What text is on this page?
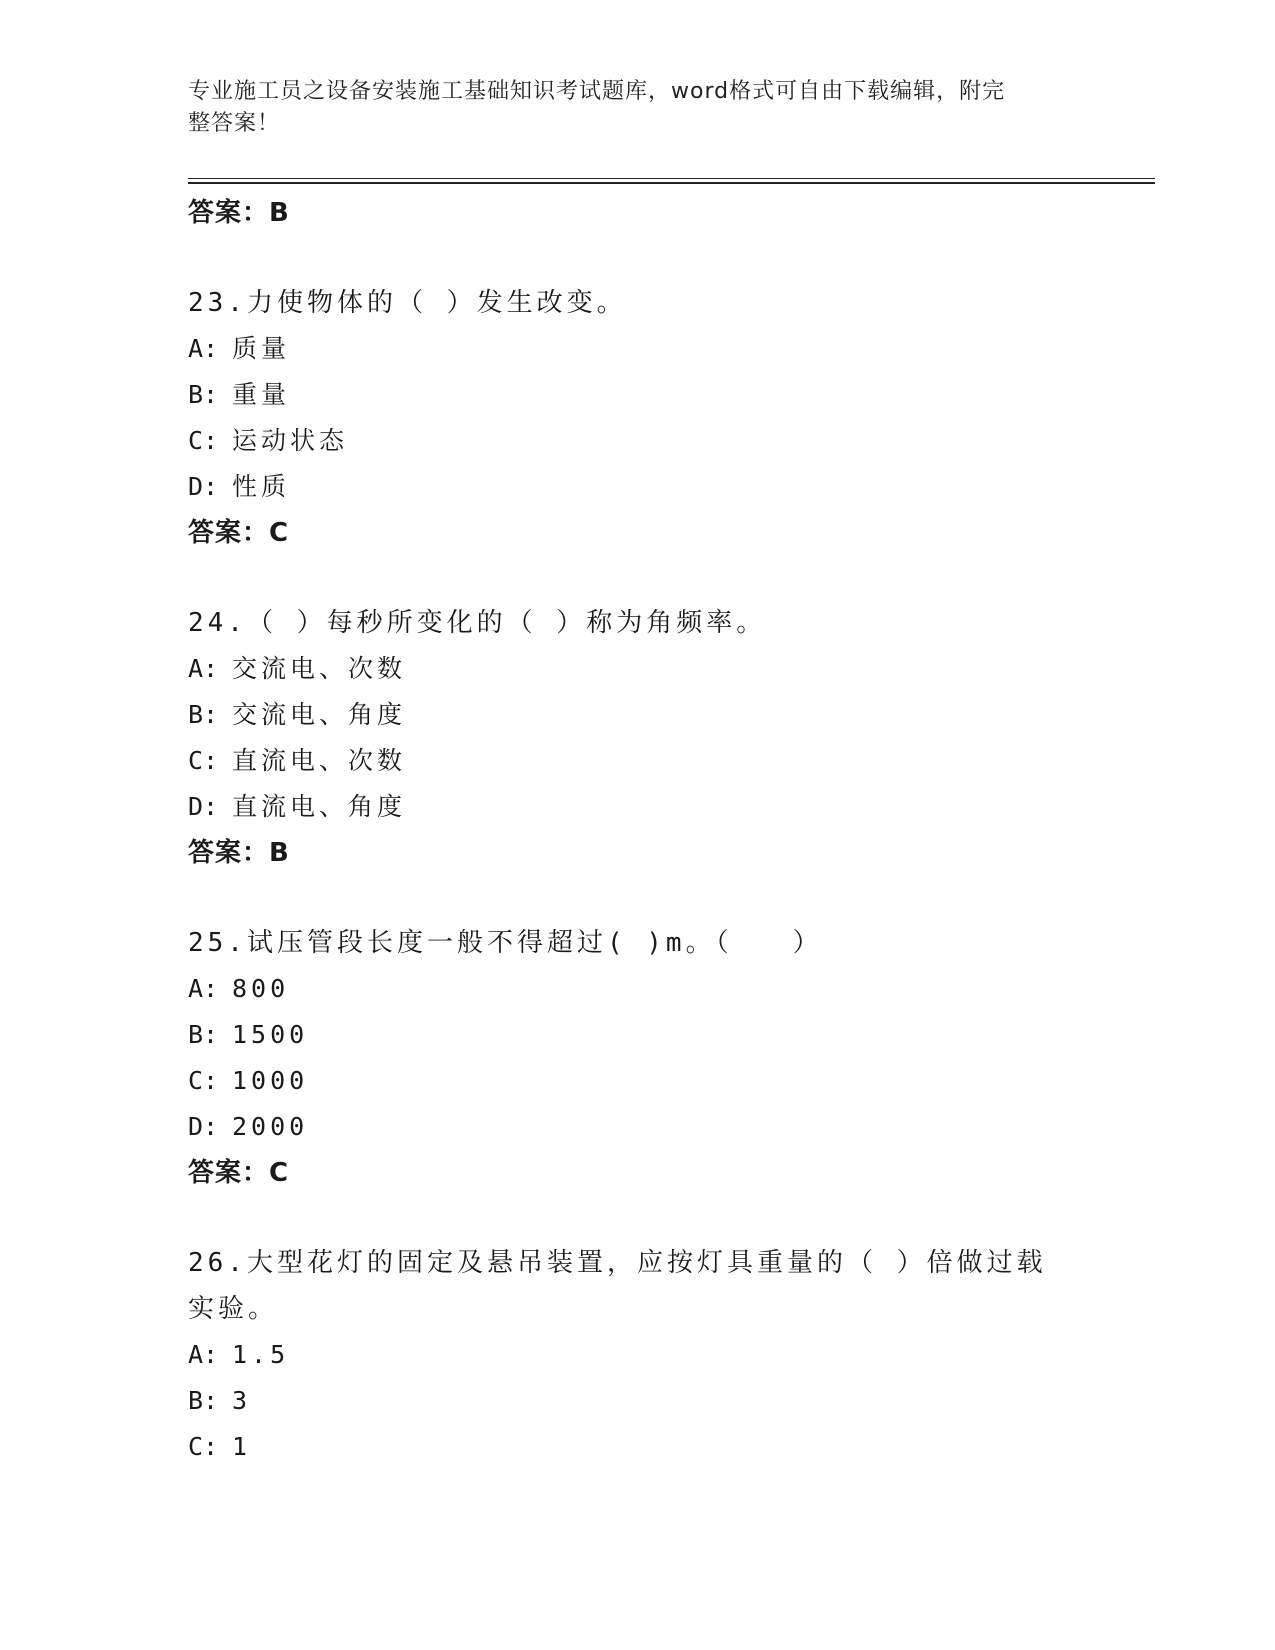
专业施工员之设备安装施工基础知识考试题库，word格式可自由下载编辑，附完
整答案！
答案：B
23.力使物体的（ ）发生改变。
A: 质量
B: 重量
C: 运动状态
D: 性质
答案：C
24.（ ）每秒所变化的（ ）称为角频率。
A: 交流电、次数
B: 交流电、角度
C: 直流电、次数
D: 直流电、角度
答案：B
25.试压管段长度一般不得超过( )m。（　　）
A: 800
B: 1500
C: 1000
D: 2000
答案：C
26.大型花灯的固定及悬吊装置，应按灯具重量的（ ）倍做过载实验。
A: 1.5
B: 3
C: 1
